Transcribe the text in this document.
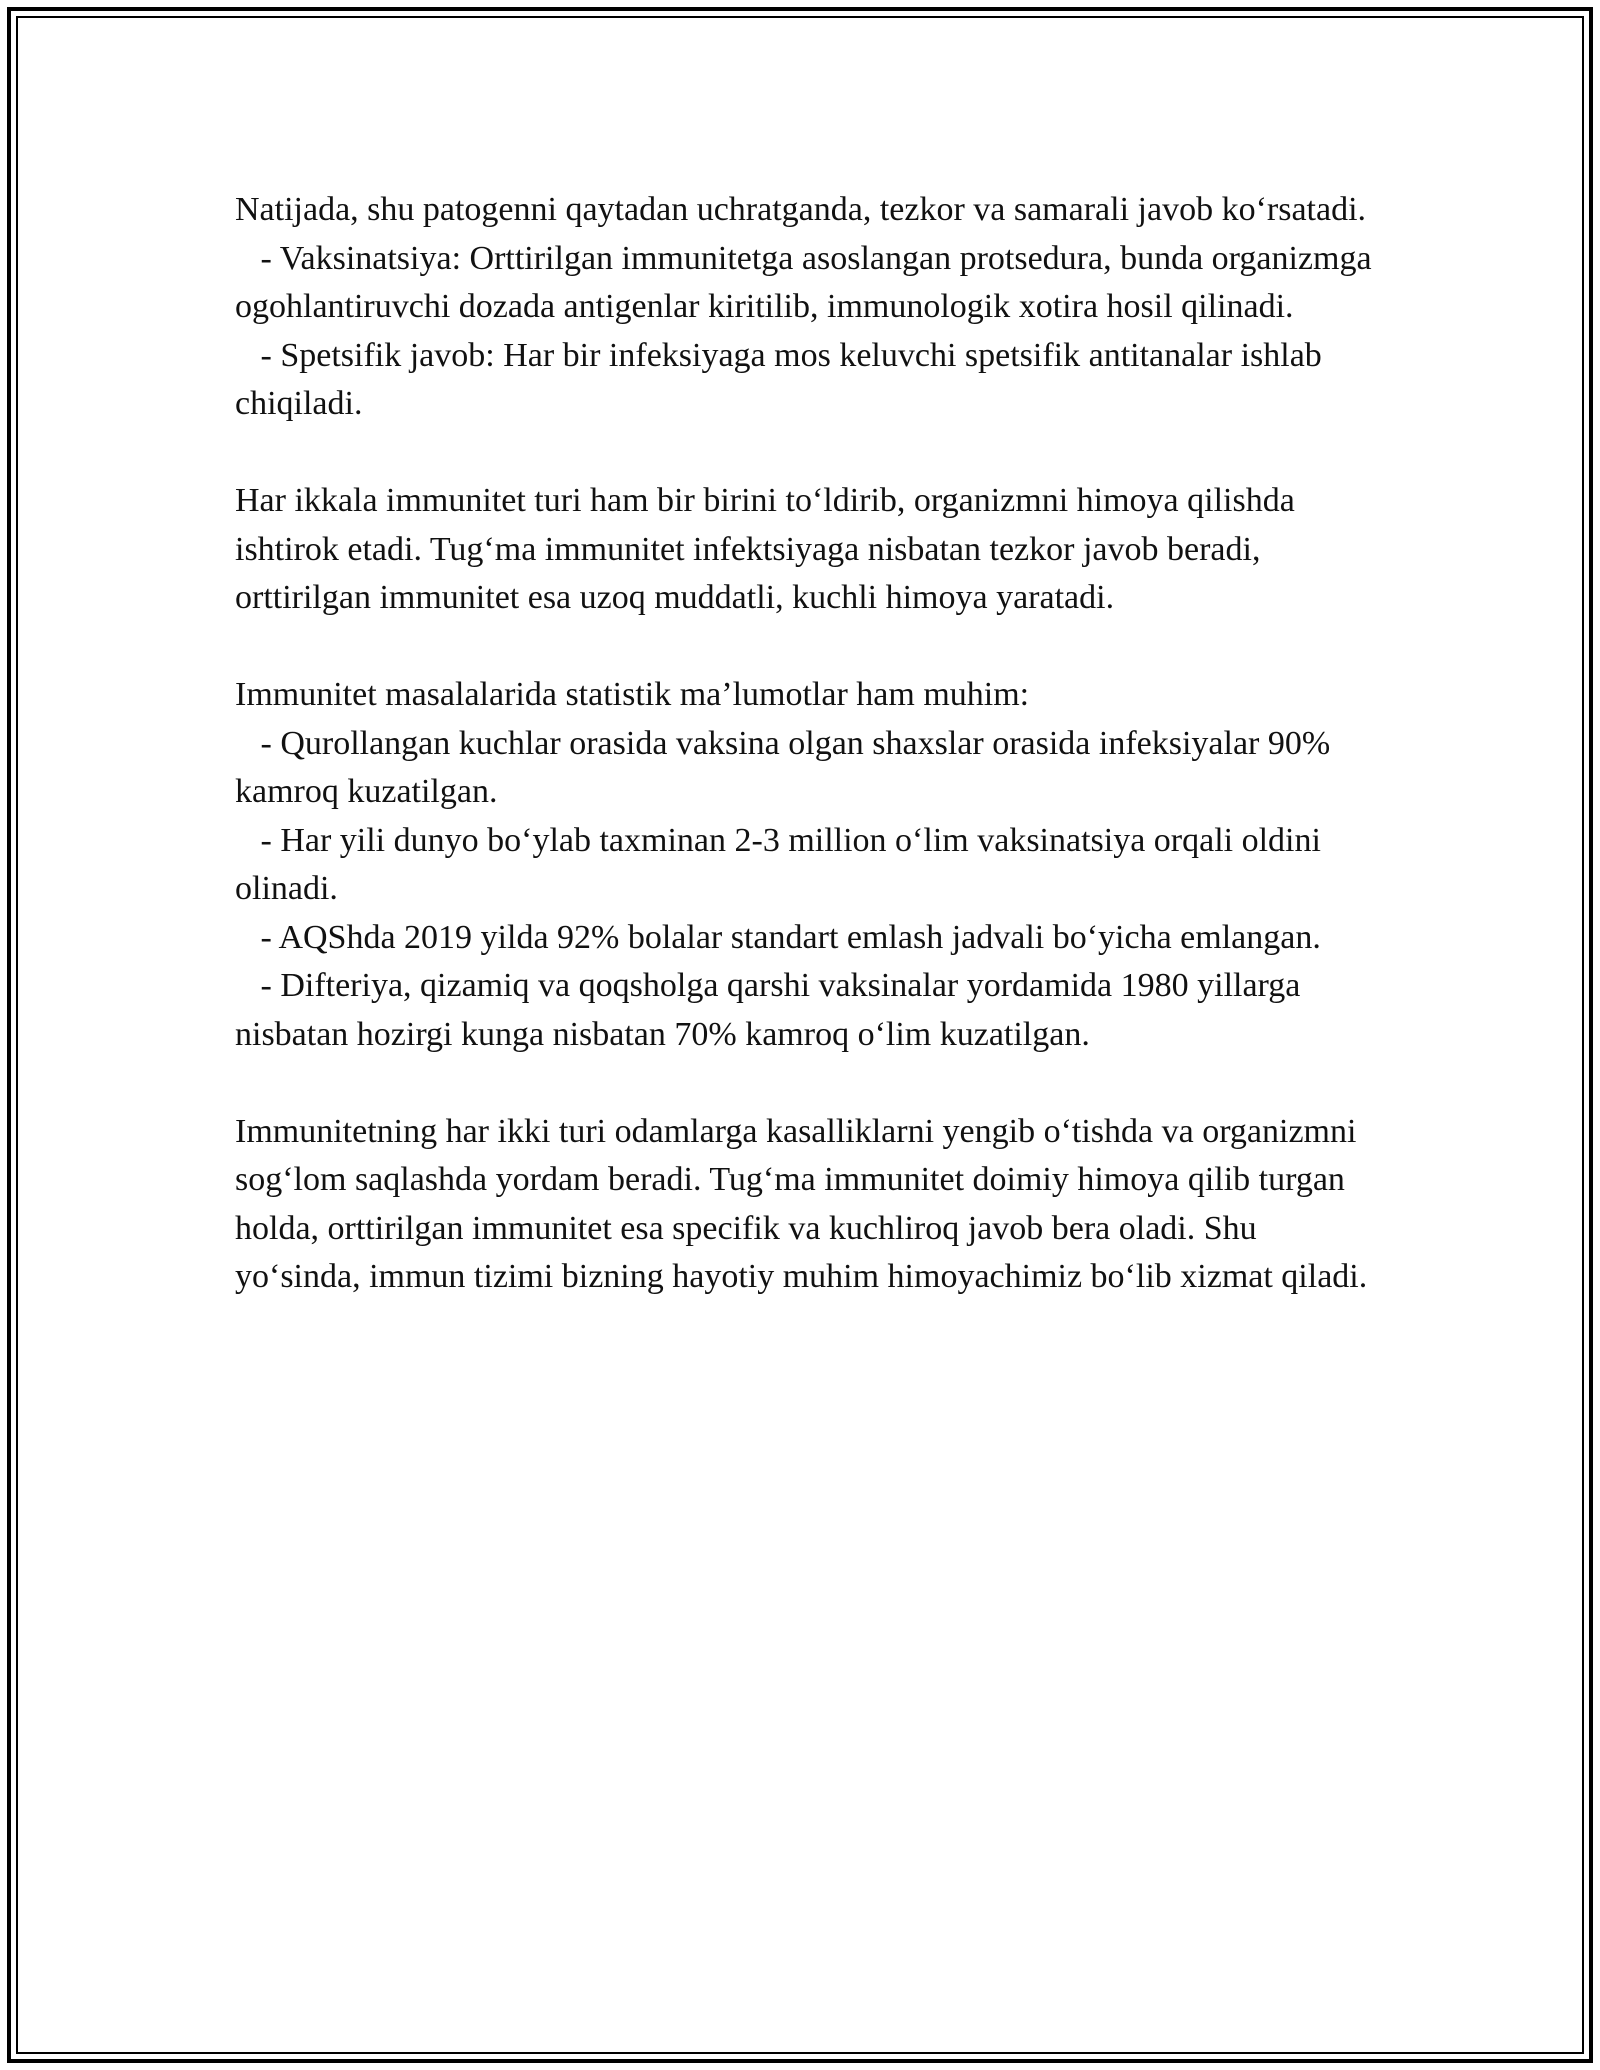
Natijada, shu patogenni qaytadan uchratganda, tezkor va samarali javob ko‘rsatadi.
- Vaksinatsiya: Orttirilgan immunitetga asoslangan protsedura, bunda organizmga ogohlantiruvchi dozada antigenlar kiritilib, immunologik xotira hosil qilinadi.
- Spetsifik javob: Har bir infeksiyaga mos keluvchi spetsifik antitanalar ishlab chiqiladi.
Har ikkala immunitet turi ham bir birini to‘ldirib, organizmni himoya qilishda ishtirok etadi. Tug‘ma immunitet infektsiyaga nisbatan tezkor javob beradi, orttirilgan immunitet esa uzoq muddatli, kuchli himoya yaratadi.
Immunitet masalalarida statistik ma’lumotlar ham muhim:
- Qurollangan kuchlar orasida vaksina olgan shaxslar orasida infeksiyalar 90% kamroq kuzatilgan.
- Har yili dunyo bo‘ylab taxminan 2-3 million o‘lim vaksinatsiya orqali oldini olinadi.
- AQShda 2019 yilda 92% bolalar standart emlash jadvali bo‘yicha emlangan.
- Difteriya, qizamiq va qoqsholga qarshi vaksinalar yordamida 1980 yillarga nisbatan hozirgi kunga nisbatan 70% kamroq o‘lim kuzatilgan.
Immunitetning har ikki turi odamlarga kasalliklarni yengib o‘tishda va organizmni sog‘lom saqlashda yordam beradi. Tug‘ma immunitet doimiy himoya qilib turgan holda, orttirilgan immunitet esa specifik va kuchliroq javob bera oladi. Shu yo‘sinda, immun tizimi bizning hayotiy muhim himoyachimiz bo‘lib xizmat qiladi.
